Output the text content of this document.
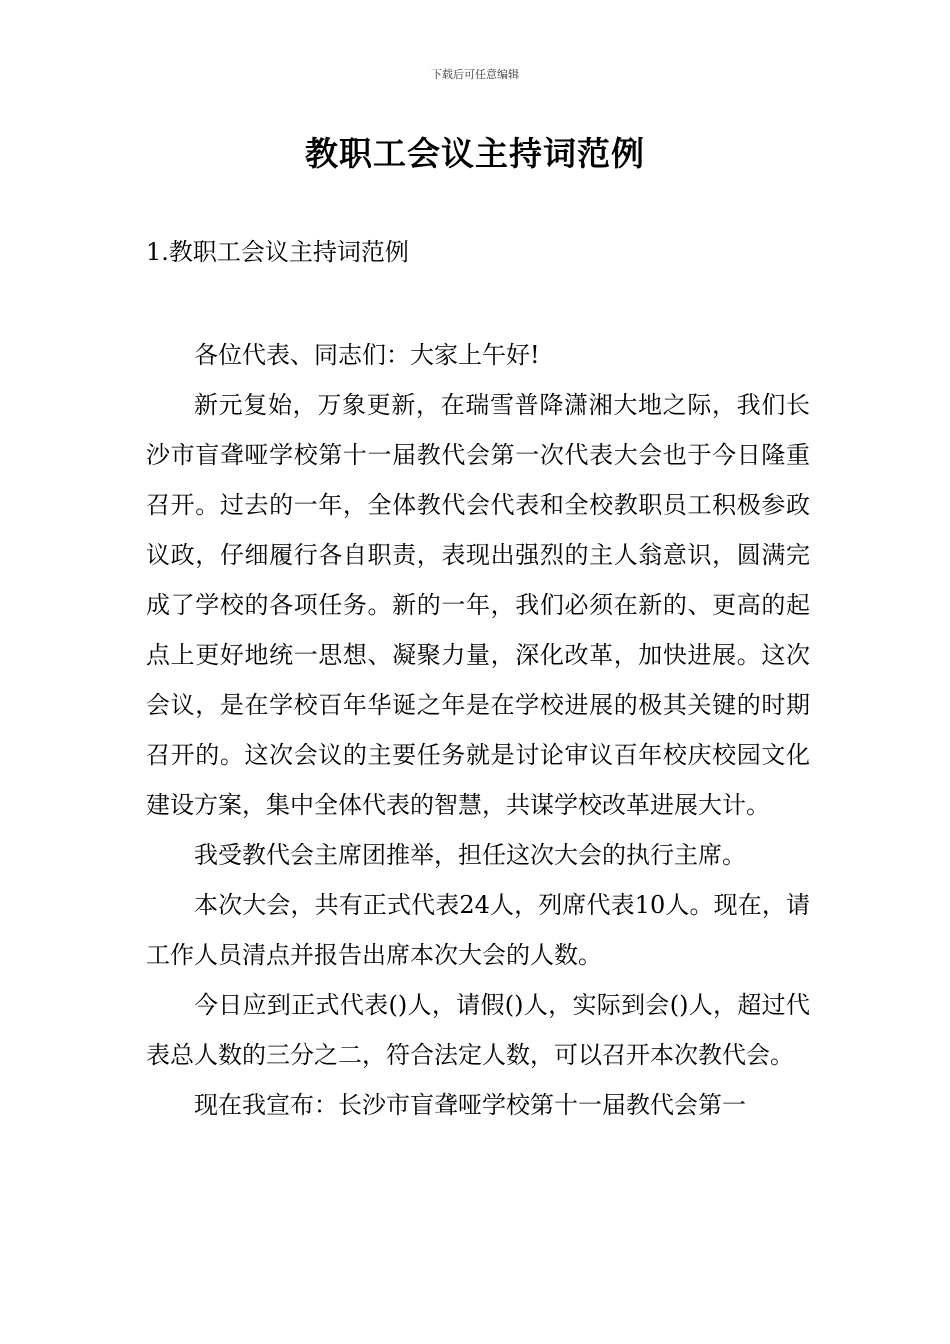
下载后可任意编辑
教职工会议主持词范例
1.教职工会议主持词范例

各位代表、同志们：大家上午好!

新元复始，万象更新，在瑞雪普降潇湘大地之际，我们长沙市盲聋哑学校第十一届教代会第一次代表大会也于今日隆重召开。过去的一年，全体教代会代表和全校教职员工积极参政议政，仔细履行各自职责，表现出强烈的主人翁意识，圆满完成了学校的各项任务。新的一年，我们必须在新的、更高的起点上更好地统一思想、凝聚力量，深化改革，加快进展。这次会议，是在学校百年华诞之年是在学校进展的极其关键的时期召开的。这次会议的主要任务就是讨论审议百年校庆校园文化建设方案，集中全体代表的智慧，共谋学校改革进展大计。

我受教代会主席团推举，担任这次大会的执行主席。

本次大会，共有正式代表24人，列席代表10人。现在，请工作人员清点并报告出席本次大会的人数。

今日应到正式代表()人，请假()人，实际到会()人，超过代表总人数的三分之二，符合法定人数，可以召开本次教代会。

现在我宣布：长沙市盲聋哑学校第十一届教代会第一
